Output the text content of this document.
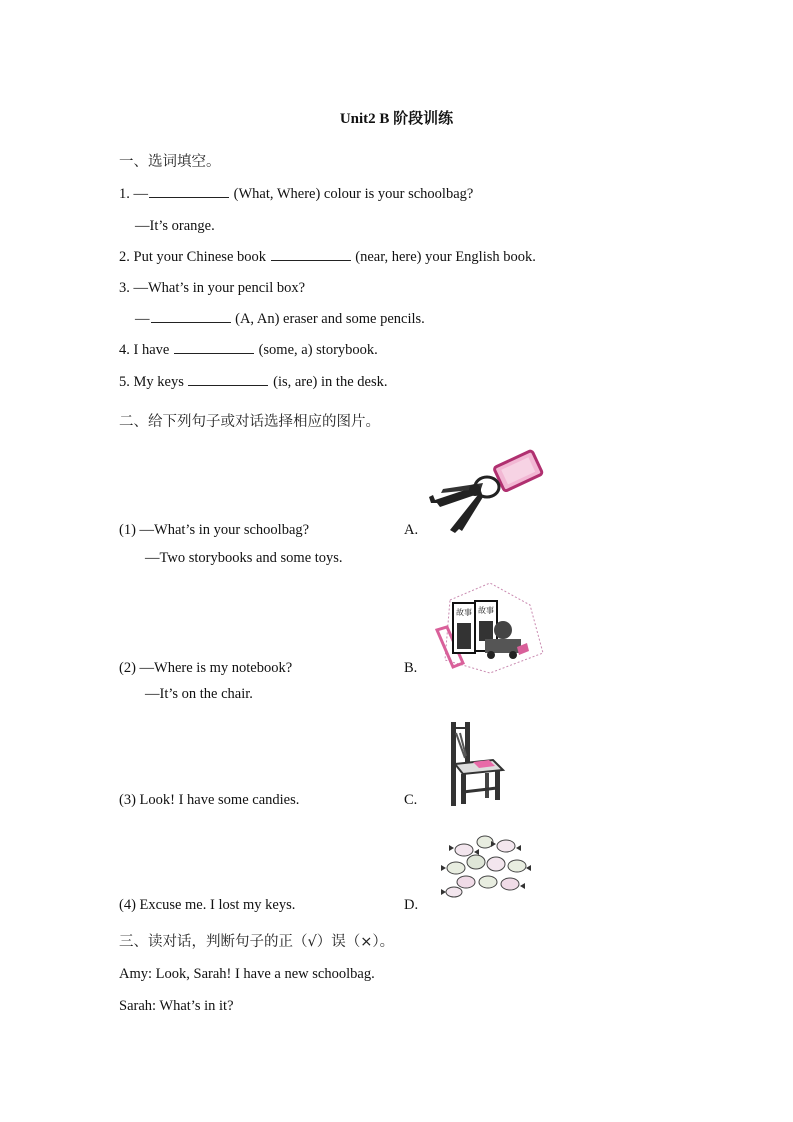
Unit2 B 阶段训练
一、选词填空。
1. —	(What, Where) colour is your schoolbag?
—It’s orange.
2. Put your Chinese book	(near, here) your English book.
3. —What’s in your pencil box?
—	(A, An) eraser and some pencils.
4. I have	(some, a) storybook.
5. My keys	(is, are) in the desk.
二、给下列句子或对话选择相应的图片。
(1) —What’s in your schoolbag?
—Two storybooks and some toys.
(2) —Where is my notebook?
—It’s on the chair.
(3) Look! I have some candies.
(4) Excuse me. I lost my keys.
A.
B.
C.
D.
故事 故事
三、读对话，判断句子的正（√）误（×）。
Amy: Look, Sarah! I have a new schoolbag.
Sarah: What’s in it?
